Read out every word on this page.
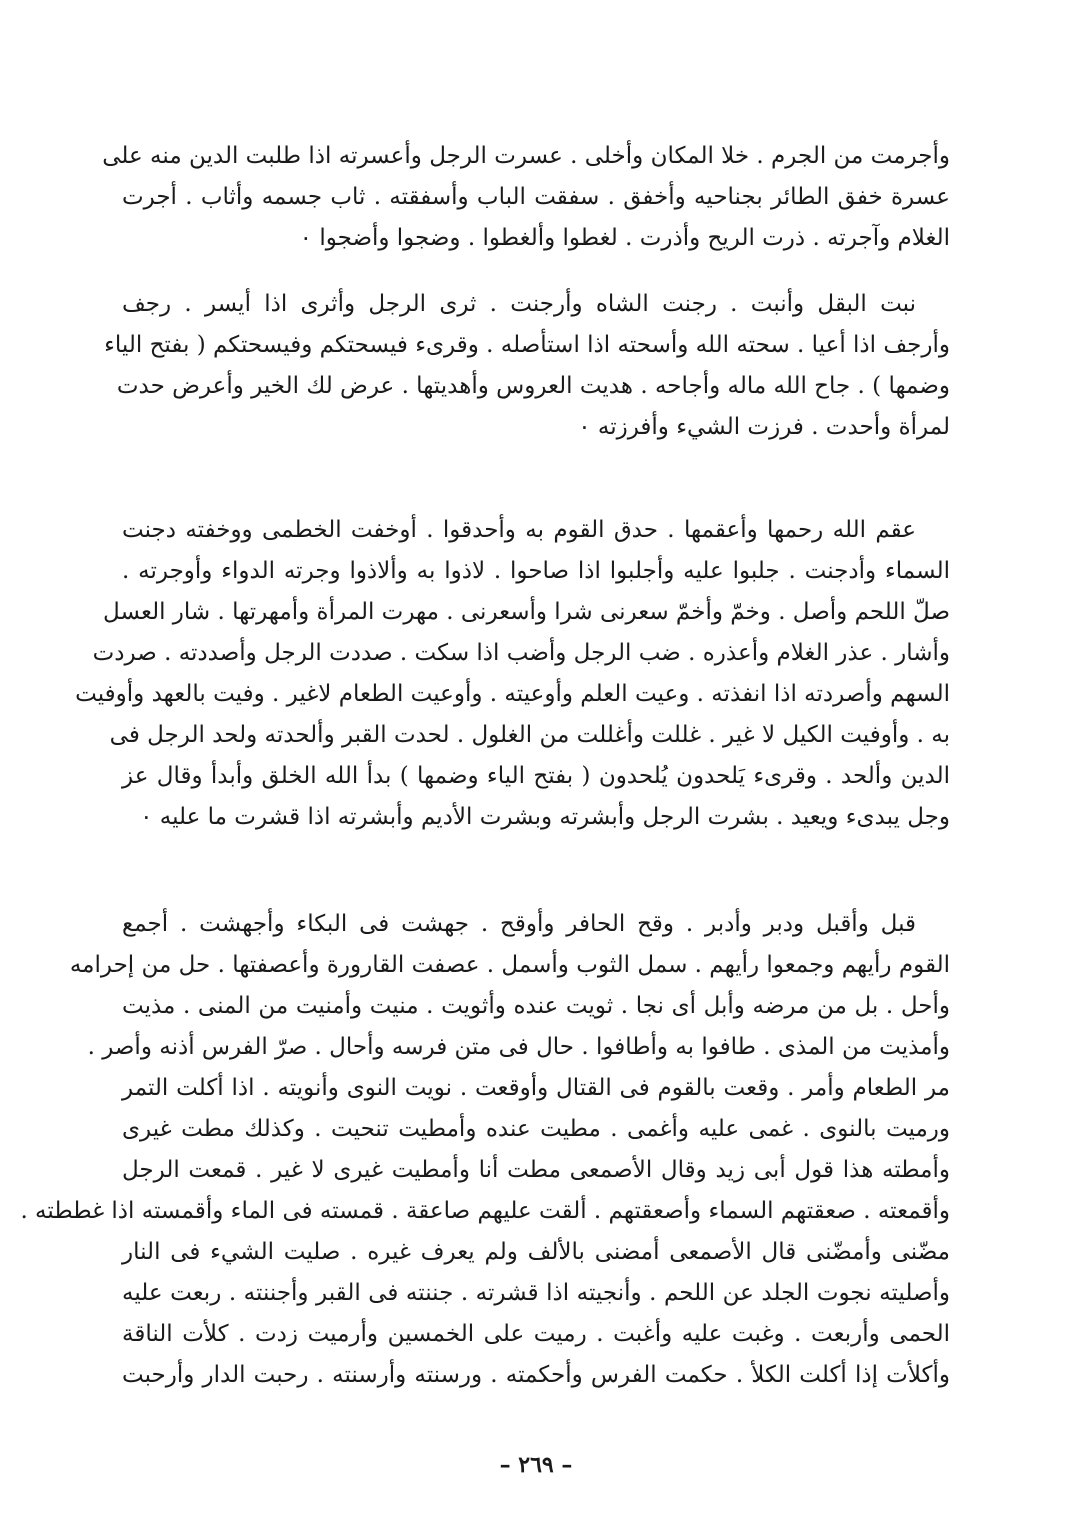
وأجرمت من الجرم . خلا المكان وأخلى . عسرت الرجل وأعسرته اذا طلبت الدين منه على
عسرة خفق الطائر بجناحيه وأخفق . سفقت الباب وأسفقته . ثاب جسمه وأثاب . أجرت
الغلام وآجرته . ذرت الريح وأذرت . لغطوا وألغطوا . وضجوا وأضجوا ٠
نبت البقل وأنبت . رجنت الشاه وأرجنت . ثرى الرجل وأثرى اذا أيسر . رجف
وأرجف اذا أعيا . سحته الله وأسحته اذا استأصله . وقرىء فيسحتكم وفيسحتكم ( بفتح الياء
وضمها ) . جاح الله ماله وأجاحه . هديت العروس وأهديتها . عرض لك الخير وأعرض حدت
لمرأة وأحدت . فرزت الشيء وأفرزته ٠
عقم الله رحمها وأعقمها . حدق القوم به وأحدقوا . أوخفت الخطمى ووخفته دجنت
السماء وأدجنت . جلبوا عليه وأجلبوا اذا صاحوا . لاذوا به وألاذوا وجرته الدواء وأوجرته .
صلّ اللحم وأصل . وخمّ وأخمّ سعرنى شرا وأسعرنى . مهرت المرأة وأمهرتها . شار العسل
وأشار . عذر الغلام وأعذره . ضب الرجل وأضب اذا سكت . صددت الرجل وأصددته . صردت
السهم وأصردته اذا انفذته . وعيت العلم وأوعيته . وأوعيت الطعام لاغير . وفيت بالعهد وأوفيت
به . وأوفيت الكيل لا غير . غللت وأغللت من الغلول . لحدت القبر وألحدته ولحد الرجل فى
الدين وألحد . وقرىء يَلحدون يُلحدون ( بفتح الياء وضمها ) بدأ الله الخلق وأبدأ وقال عز
وجل يبدىء ويعيد . بشرت الرجل وأبشرته وبشرت الأديم وأبشرته اذا قشرت ما عليه ٠
قبل وأقبل ودبر وأدبر . وقح الحافر وأوقح . جهشت فى البكاء وأجهشت . أجمع
القوم رأيهم وجمعوا رأيهم . سمل الثوب وأسمل . عصفت القارورة وأعصفتها . حل من إحرامه
وأحل . بل من مرضه وأبل أى نجا . ثويت عنده وأثويت . منيت وأمنيت من المنى . مذيت
وأمذيت من المذى . طافوا به وأطافوا . حال فى متن فرسه وأحال . صرّ الفرس أذنه وأصر .
مر الطعام وأمر . وقعت بالقوم فى القتال وأوقعت . نويت النوى وأنويته . اذا أكلت التمر
ورميت بالنوى . غمى عليه وأغمى . مطيت عنده وأمطيت تنحيت . وكذلك مطت غيرى
وأمطته هذا قول أبى زيد وقال الأصمعى مطت أنا وأمطيت غيرى لا غير . قمعت الرجل
وأقمعته . صعقتهم السماء وأصعقتهم . ألقت عليهم صاعقة . قمسته فى الماء وأقمسته اذا غططته .
مضّنى وأمضّنى قال الأصمعى أمضنى بالألف ولم يعرف غيره . صليت الشيء فى النار
وأصليته نجوت الجلد عن اللحم . وأنجيته اذا قشرته . جننته فى القبر وأجننته . ربعت عليه
الحمى وأربعت . وغبت عليه وأغبت . رميت على الخمسين وأرميت زدت . كلأت الناقة
وأكلأت إذا أكلت الكلأ . حكمت الفرس وأحكمته . ورسنته وأرسنته . رحبت الدار وأرحبت
– ٢٦٩ –
